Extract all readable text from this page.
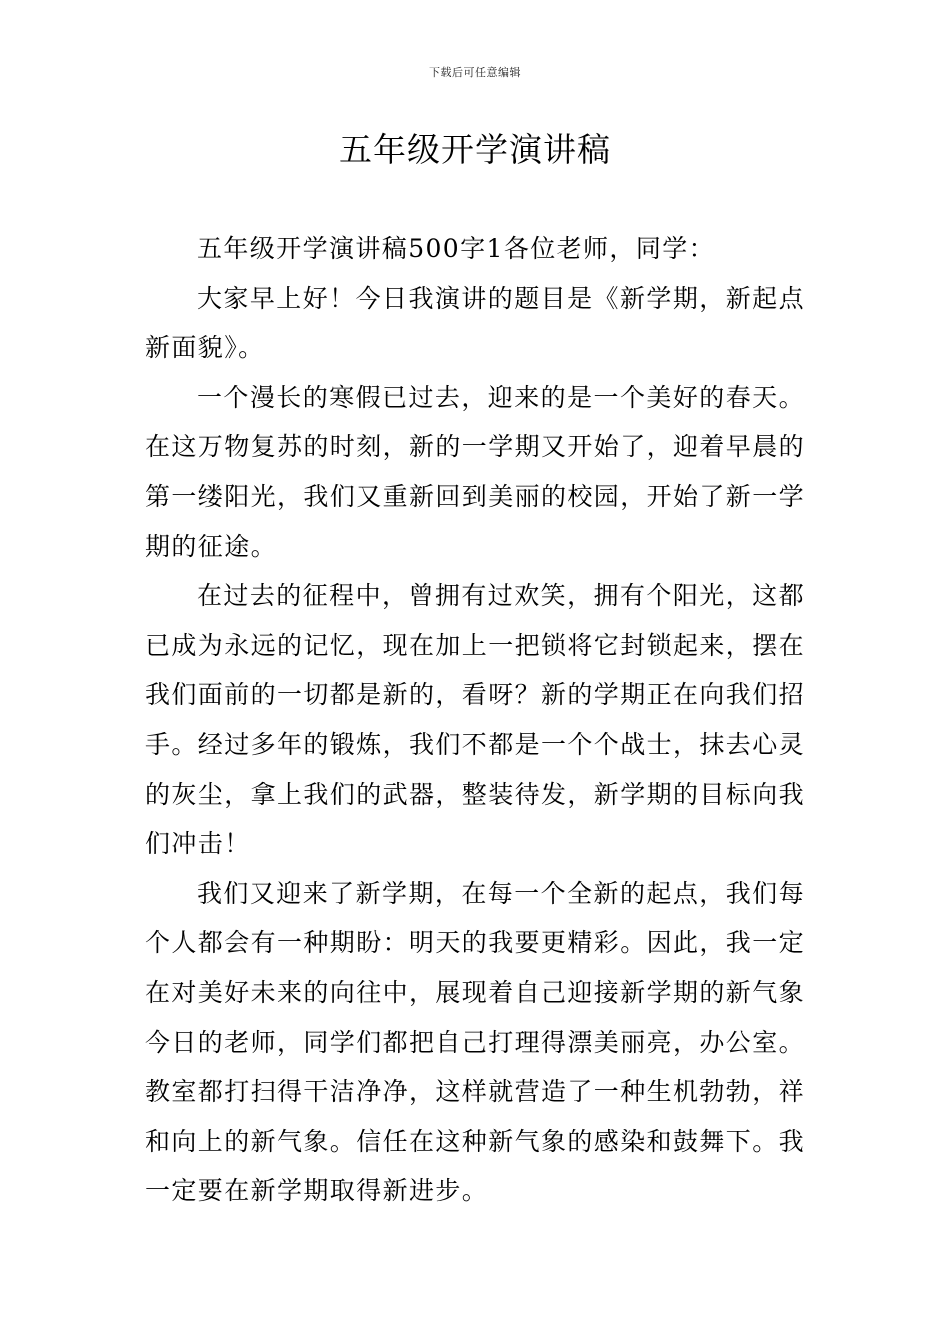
下载后可任意编辑
五年级开学演讲稿

五年级开学演讲稿500字1各位老师，同学：

大家早上好！今日我演讲的题目是《新学期，新起点新面貌》。

一个漫长的寒假已过去，迎来的是一个美好的春天。在这万物复苏的时刻，新的一学期又开始了，迎着早晨的第一缕阳光，我们又重新回到美丽的校园，开始了新一学期的征途。

在过去的征程中，曾拥有过欢笑，拥有个阳光，这都已成为永远的记忆，现在加上一把锁将它封锁起来，摆在我们面前的一切都是新的，看呀？新的学期正在向我们招手。经过多年的锻炼，我们不都是一个个战士，抹去心灵的灰尘，拿上我们的武器，整装待发，新学期的目标向我们冲击！

我们又迎来了新学期，在每一个全新的起点，我们每个人都会有一种期盼：明天的我要更精彩。因此，我一定在对美好未来的向往中，展现着自己迎接新学期的新气象今日的老师，同学们都把自己打理得漂美丽亮，办公室。教室都打扫得干洁净净，这样就营造了一种生机勃勃，祥和向上的新气象。信任在这种新气象的感染和鼓舞下。我一定要在新学期取得新进步。
